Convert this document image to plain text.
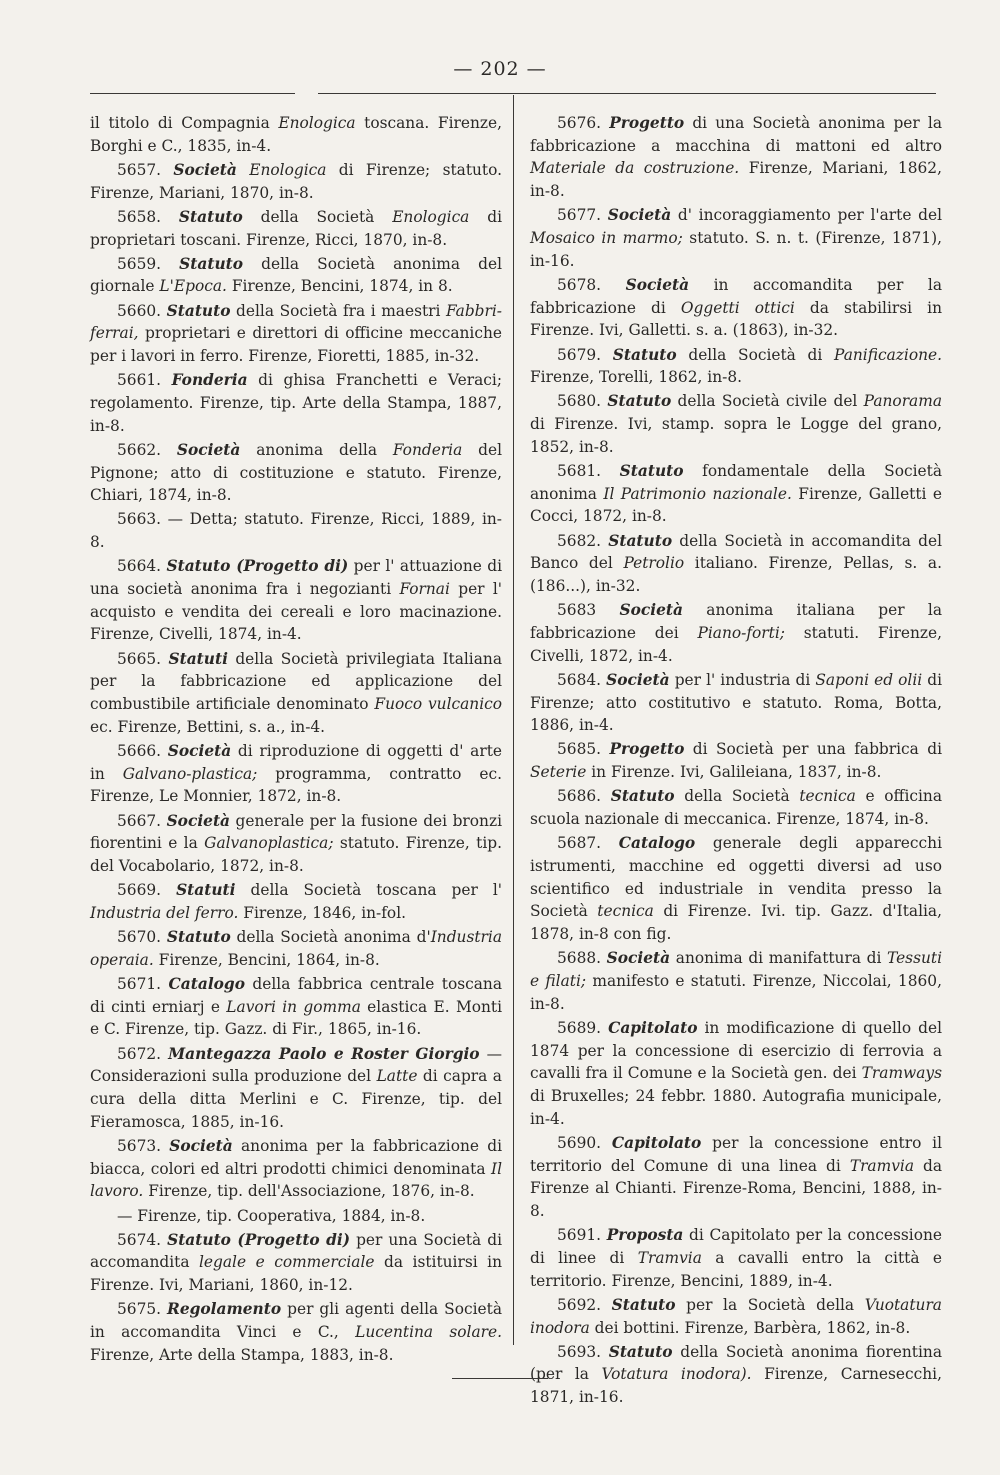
— 202 —

il titolo di Compagnia Enologica toscana. Firenze, Borghi e C., 1835, in-4.

5657. Società Enologica di Firenze; statuto. Firenze, Mariani, 1870, in-8.

5658. Statuto della Società Enologica di proprietari toscani. Firenze, Ricci, 1870, in-8.

5659. Statuto della Società anonima del giornale L'Epoca. Firenze, Bencini, 1874, in 8.

5660. Statuto della Società fra i maestri Fabbri-ferrai, proprietari e direttori di officine meccaniche per i lavori in ferro. Firenze, Fioretti, 1885, in-32.

5661. Fonderia di ghisa Franchetti e Veraci; regolamento. Firenze, tip. Arte della Stampa, 1887, in-8.

5662. Società anonima della Fonderia del Pignone; atto di costituzione e statuto. Firenze, Chiari, 1874, in-8.

5663. — Detta; statuto. Firenze, Ricci, 1889, in-8.

5664. Statuto (Progetto di) per l' attuazione di una società anonima fra i negozianti Fornai per l' acquisto e vendita dei cereali e loro macinazione. Firenze, Civelli, 1874, in-4.

5665. Statuti della Società privilegiata Italiana per la fabbricazione ed applicazione del combustibile artificiale denominato Fuoco vulcanico ec. Firenze, Bettini, s. a., in-4.

5666. Società di riproduzione di oggetti d' arte in Galvano-plastica; programma, contratto ec. Firenze, Le Monnier, 1872, in-8.

5667. Società generale per la fusione dei bronzi fiorentini e la Galvanoplastica; statuto. Firenze, tip. del Vocabolario, 1872, in-8.

5669. Statuti della Società toscana per l' Industria del ferro. Firenze, 1846, in-fol.

5670. Statuto della Società anonima d'Industria operaia. Firenze, Bencini, 1864, in-8.

5671. Catalogo della fabbrica centrale toscana di cinti erniarj e Lavori in gomma elastica E. Monti e C. Firenze, tip. Gazz. di Fir., 1865, in-16.

5672. Mantegazza Paolo e Roster Giorgio — Considerazioni sulla produzione del Latte di capra a cura della ditta Merlini e C. Firenze, tip. del Fieramosca, 1885, in-16.

5673. Società anonima per la fabbricazione di biacca, colori ed altri prodotti chimici denominata Il lavoro. Firenze, tip. dell'Associazione, 1876, in-8.

— Firenze, tip. Cooperativa, 1884, in-8.

5674. Statuto (Progetto di) per una Società di accomandita legale e commerciale da istituirsi in Firenze. Ivi, Mariani, 1860, in-12.

5675. Regolamento per gli agenti della Società in accomandita Vinci e C., Lucentina solare. Firenze, Arte della Stampa, 1883, in-8.

5676. Progetto di una Società anonima per la fabbricazione a macchina di mattoni ed altro Materiale da costruzione. Firenze, Mariani, 1862, in-8.

5677. Società d' incoraggiamento per l'arte del Mosaico in marmo; statuto. S. n. t. (Firenze, 1871), in-16.

5678. Società in accomandita per la fabbricazione di Oggetti ottici da stabilirsi in Firenze. Ivi, Galletti. s. a. (1863), in-32.

5679. Statuto della Società di Panificazione. Firenze, Torelli, 1862, in-8.

5680. Statuto della Società civile del Panorama di Firenze. Ivi, stamp. sopra le Logge del grano, 1852, in-8.

5681. Statuto fondamentale della Società anonima Il Patrimonio nazionale. Firenze, Galletti e Cocci, 1872, in-8.

5682. Statuto della Società in accomandita del Banco del Petrolio italiano. Firenze, Pellas, s. a. (186...), in-32.

5683 Società anonima italiana per la fabbricazione dei Piano-forti; statuti. Firenze, Civelli, 1872, in-4.

5684. Società per l' industria di Saponi ed olii di Firenze; atto costitutivo e statuto. Roma, Botta, 1886, in-4.

5685. Progetto di Società per una fabbrica di Seterie in Firenze. Ivi, Galileiana, 1837, in-8.

5686. Statuto della Società tecnica e officina scuola nazionale di meccanica. Firenze, 1874, in-8.

5687. Catalogo generale degli apparecchi istrumenti, macchine ed oggetti diversi ad uso scientifico ed industriale in vendita presso la Società tecnica di Firenze. Ivi. tip. Gazz. d'Italia, 1878, in-8 con fig.

5688. Società anonima di manifattura di Tessuti e filati; manifesto e statuti. Firenze, Niccolai, 1860, in-8.

5689. Capitolato in modificazione di quello del 1874 per la concessione di esercizio di ferrovia a cavalli fra il Comune e la Società gen. dei Tramways di Bruxelles; 24 febbr. 1880. Autografia municipale, in-4.

5690. Capitolato per la concessione entro il territorio del Comune di una linea di Tramvia da Firenze al Chianti. Firenze-Roma, Bencini, 1888, in-8.

5691. Proposta di Capitolato per la concessione di linee di Tramvia a cavalli entro la città e territorio. Firenze, Bencini, 1889, in-4.

5692. Statuto per la Società della Vuotatura inodora dei bottini. Firenze, Barbèra, 1862, in-8.

5693. Statuto della Società anonima fiorentina (per la Votatura inodora). Firenze, Carnesecchi, 1871, in-16.
